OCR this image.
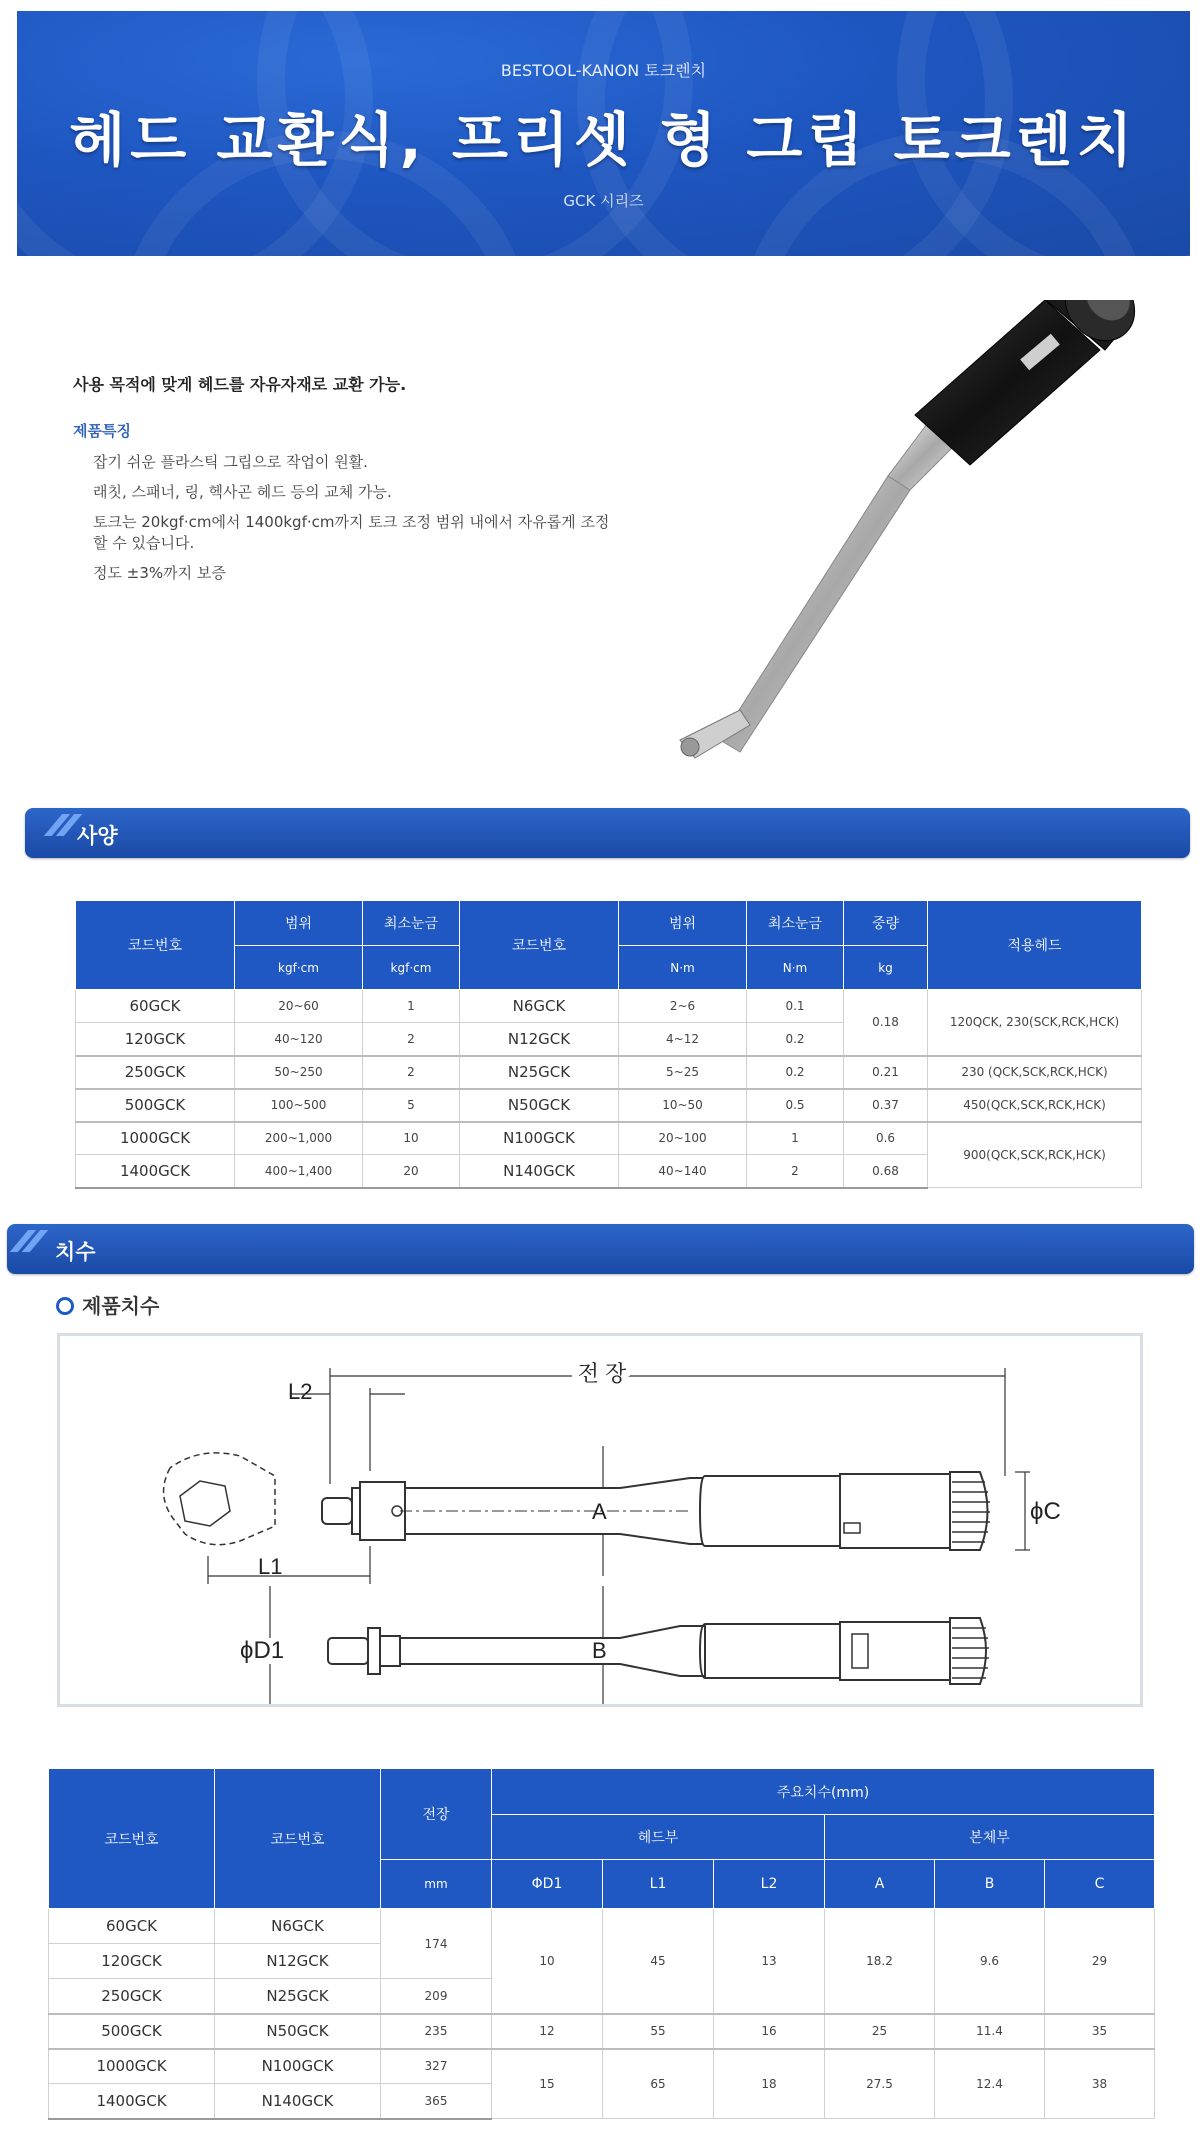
BESTOOL-KANON 토크렌치
헤드 교환식, 프리셋 형 그립 토크렌치
GCK 시리즈
사용 목적에 맞게 헤드를 자유자재로 교환 가능.
제품특징
잡기 쉬운 플라스틱 그립으로 작업이 원활.
래칫, 스패너, 링, 헥사곤 헤드 등의 교체 가능.
토크는 20kgf·cm에서 1400kgf·cm까지 토크 조정 범위 내에서 자유롭게 조정할 수 있습니다.
정도 ±3%까지 보증
사양
코드번호	범위	최소눈금	코드번호	범위	최소눈금	중량	적용헤드
	kgf·cm	kgf·cm		N·m	N·m	kg	
60GCK	20~60	1	N6GCK	2~6	0.1	0.18	120QCK, 230(SCK,RCK,HCK)
120GCK	40~120	2	N12GCK	4~12	0.2		
250GCK	50~250	2	N25GCK	5~25	0.2	0.21	230 (QCK,SCK,RCK,HCK)
500GCK	100~500	5	N50GCK	10~50	0.5	0.37	450(QCK,SCK,RCK,HCK)
1000GCK	200~1,000	10	N100GCK	20~100	1	0.6	900(QCK,SCK,RCK,HCK)
1400GCK	400~1,400	20	N140GCK	40~140	2	0.68	
치수
제품치수
L2
L1
전 장
A	ϕC
ϕD1	B
코드번호	코드번호	전장	주요치수(mm)					
			헤드부			본체부		
		mm	ΦD1	L1	L2	A	B	C
60GCK	N6GCK	174	10	45	13	18.2	9.6	29
120GCK	N12GCK							
250GCK	N25GCK	209						
500GCK	N50GCK	235	12	55	16	25	11.4	35
1000GCK	N100GCK	327	15	65	18	27.5	12.4	38
1400GCK	N140GCK	365						
